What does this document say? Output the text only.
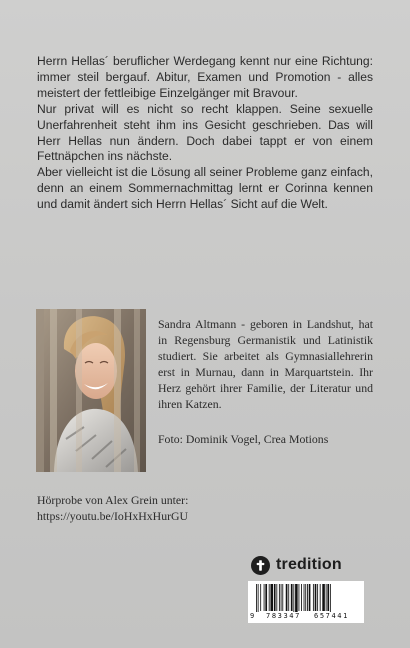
Herrn Hellas´ beruflicher Werdegang kennt nur eine Richtung: immer steil bergauf. Abitur, Examen und Promotion - alles meistert der fettleibige Einzelgänger mit Bravour.

Nur privat will es nicht so recht klappen. Seine sexuelle Unerfahrenheit steht ihm ins Gesicht geschrieben. Das will Herr Hellas nun ändern. Doch dabei tappt er von einem Fettnäpchen ins nächste.

Aber vielleicht ist die Lösung all seiner Probleme ganz einfach, denn an einem Sommernachmittag lernt er Corinna kennen und damit ändert sich Herrn Hellas´ Sicht auf die Welt.

Sandra Altmann - geboren in Landshut, hat in Regensburg Germanistik und Latinistik studiert. Sie arbeitet als Gymnasiallehrerin erst in Murnau, dann in Marquartstein. Ihr Herz gehört ihrer Familie, der Literatur und ihren Katzen.

Foto: Dominik Vogel, Crea Motions
Hörprobe von Alex Grein unter:
https://youtu.be/IoHxHxHurGU
tredition
9 783347 657441
